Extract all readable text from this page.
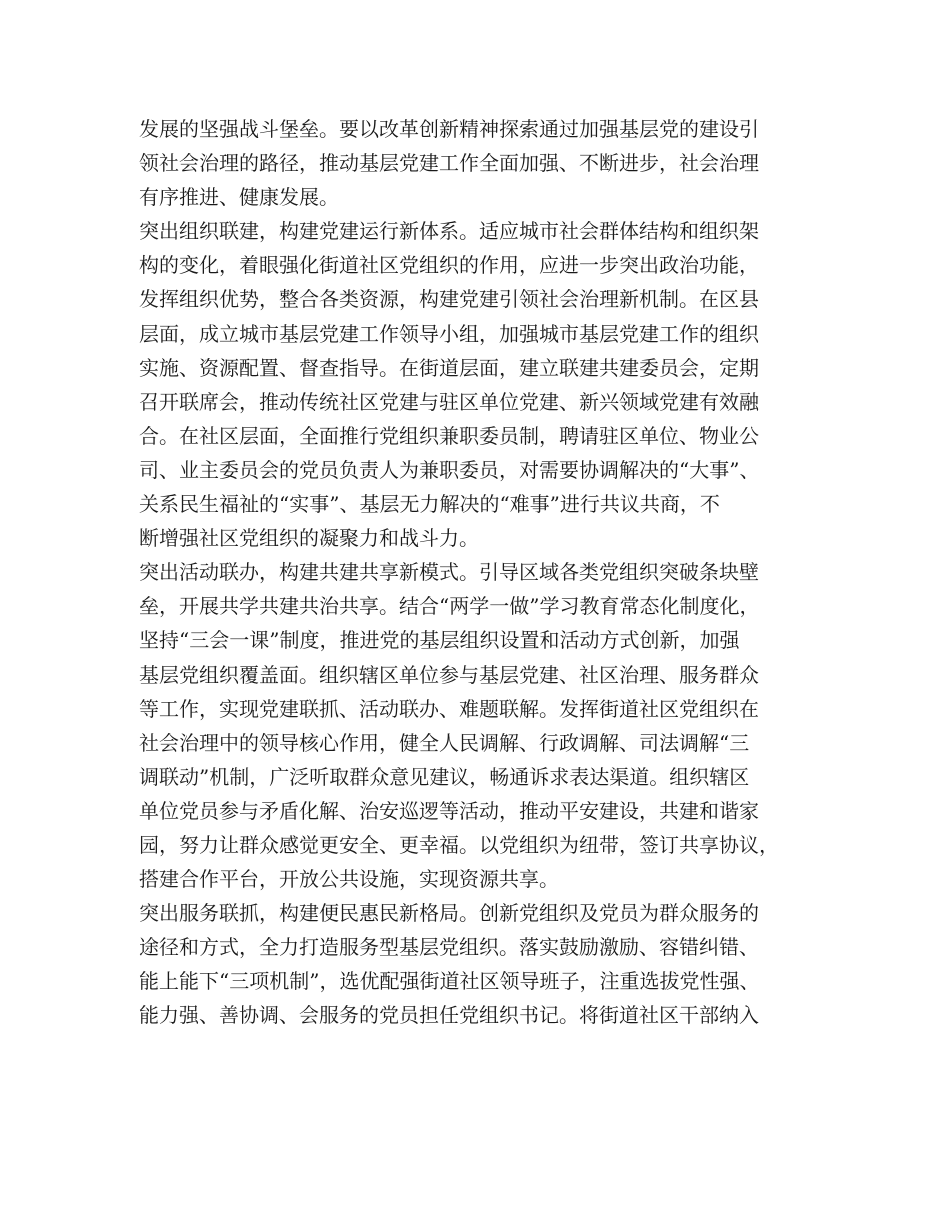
发展的坚强战斗堡垒。要以改革创新精神探索通过加强基层党的建设引
领社会治理的路径，推动基层党建工作全面加强、不断进步，社会治理
有序推进、健康发展。

突出组织联建，构建党建运行新体系。适应城市社会群体结构和组织架
构的变化，着眼强化街道社区党组织的作用，应进一步突出政治功能，
发挥组织优势，整合各类资源，构建党建引领社会治理新机制。在区县
层面，成立城市基层党建工作领导小组，加强城市基层党建工作的组织
实施、资源配置、督查指导。在街道层面，建立联建共建委员会，定期
召开联席会，推动传统社区党建与驻区单位党建、新兴领域党建有效融
合。在社区层面，全面推行党组织兼职委员制，聘请驻区单位、物业公
司、业主委员会的党员负责人为兼职委员，对需要协调解决的“大事”、
关系民生福祉的“实事”、基层无力解决的“难事”进行共议共商，不
断增强社区党组织的凝聚力和战斗力。

突出活动联办，构建共建共享新模式。引导区域各类党组织突破条块壁
垒，开展共学共建共治共享。结合“两学一做”学习教育常态化制度化，
坚持“三会一课”制度，推进党的基层组织设置和活动方式创新，加强
基层党组织覆盖面。组织辖区单位参与基层党建、社区治理、服务群众
等工作，实现党建联抓、活动联办、难题联解。发挥街道社区党组织在
社会治理中的领导核心作用，健全人民调解、行政调解、司法调解“三
调联动”机制，广泛听取群众意见建议，畅通诉求表达渠道。组织辖区
单位党员参与矛盾化解、治安巡逻等活动，推动平安建设，共建和谐家
园，努力让群众感觉更安全、更幸福。以党组织为纽带，签订共享协议，
搭建合作平台，开放公共设施，实现资源共享。

突出服务联抓，构建便民惠民新格局。创新党组织及党员为群众服务的
途径和方式，全力打造服务型基层党组织。落实鼓励激励、容错纠错、
能上能下“三项机制”，选优配强街道社区领导班子，注重选拔党性强、
能力强、善协调、会服务的党员担任党组织书记。将街道社区干部纳入
